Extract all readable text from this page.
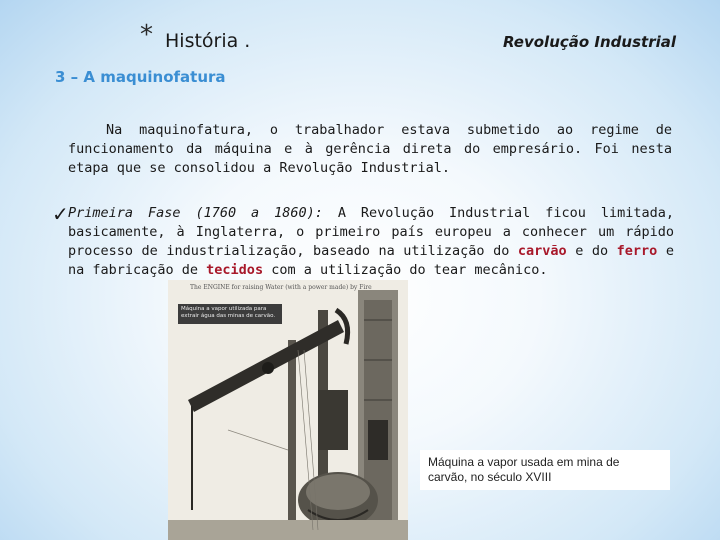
* História .	Revolução Industrial
3 – A maquinofatura

Na maquinofatura, o trabalhador estava submetido ao regime de funcionamento da máquina e à gerência direta do empresário. Foi nesta etapa que se consolidou a Revolução Industrial.

✓ Primeira Fase (1760 a 1860): A Revolução Industrial ficou limitada, basicamente, à Inglaterra, o primeiro país europeu a conhecer um rápido processo de industrialização, baseado na utilização do carvão e do ferro e na fabricação de tecidos com a utilização do tear mecânico.

The ENGINE for raising Water (with a power made) by Fire
Máquina a vapor utilizada para extrair água das minas de carvão.
Máquina a vapor usada em mina de carvão, no século XVIII
